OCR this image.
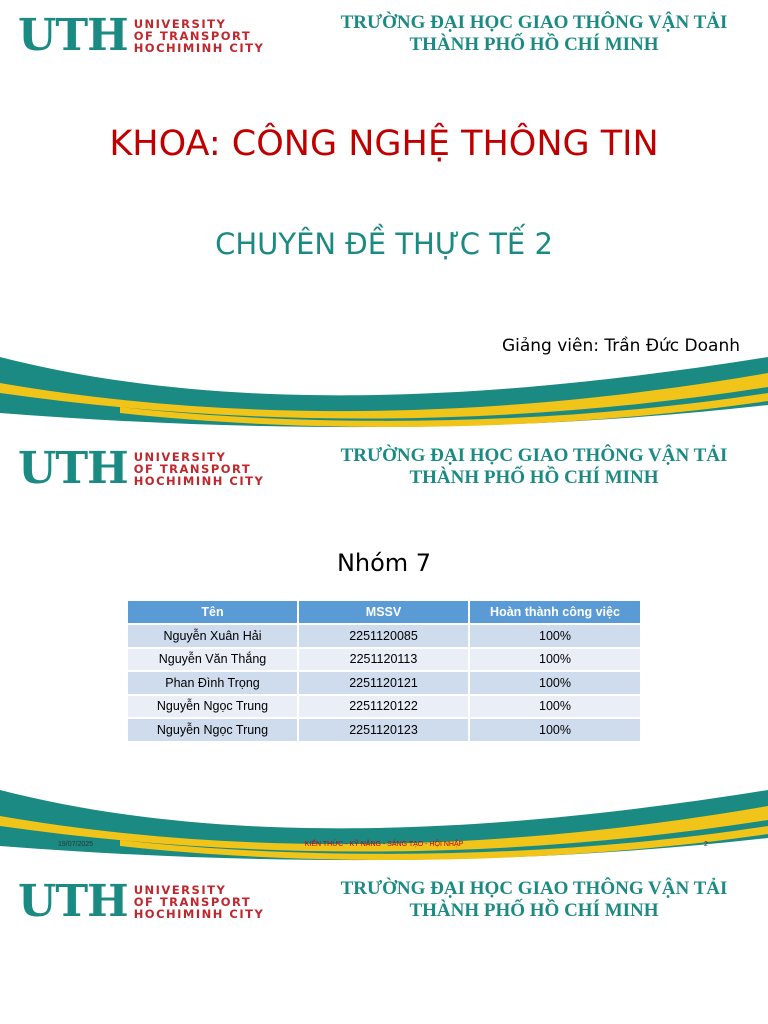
UTH UNIVERSITY
OF TRANSPORT
HOCHIMINH CITY
TRƯỜNG ĐẠI HỌC GIAO THÔNG VẬN TẢI
THÀNH PHỐ HỒ CHÍ MINH
KHOA: CÔNG NGHỆ THÔNG TIN
CHUYÊN ĐỀ THỰC TẾ 2
Giảng viên: Trần Đức Doanh
UTH UNIVERSITY
OF TRANSPORT
HOCHIMINH CITY
TRƯỜNG ĐẠI HỌC GIAO THÔNG VẬN TẢI
THÀNH PHỐ HỒ CHÍ MINH
Nhóm 7
Tên	MSSV	Hoàn thành công việc
Nguyễn Xuân Hải	2251120085	100%
Nguyễn Văn Thắng	2251120113	100%
Phan Đình Trọng	2251120121	100%
Nguyễn Ngọc Trung	2251120122	100%
Nguyễn Ngọc Trung	2251120123	100%
19/07/2025	KIẾN THỨC - KỸ NĂNG - SÁNG TẠO - HỘI NHẬP	2
UTH UNIVERSITY
OF TRANSPORT
HOCHIMINH CITY
TRƯỜNG ĐẠI HỌC GIAO THÔNG VẬN TẢI
THÀNH PHỐ HỒ CHÍ MINH
